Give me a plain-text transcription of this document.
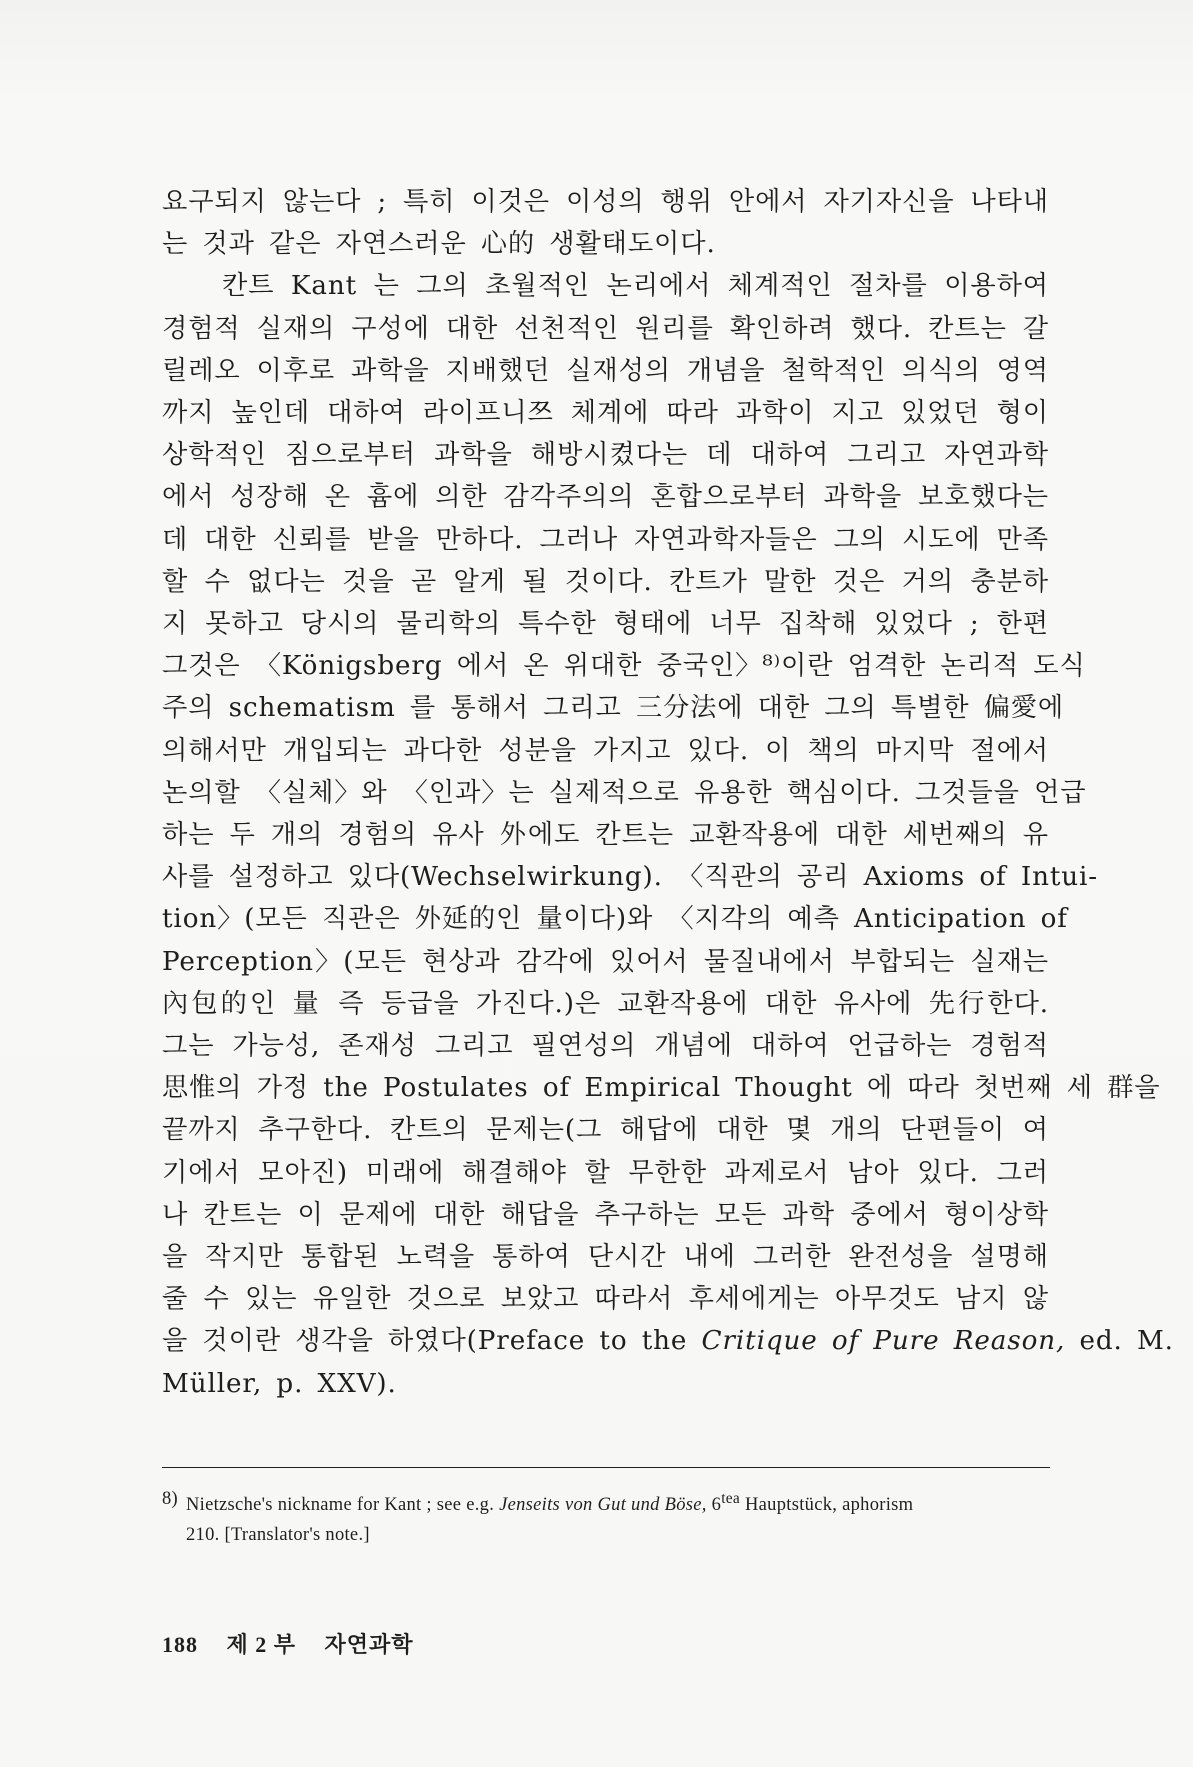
요구되지 않는다 ; 특히 이것은 이성의 행위 안에서 자기자신을 나타내
는 것과 같은 자연스러운 心的 생활태도이다.
칸트 Kant 는 그의 초월적인 논리에서 체계적인 절차를 이용하여
경험적 실재의 구성에 대한 선천적인 원리를 확인하려 했다. 칸트는 갈
릴레오 이후로 과학을 지배했던 실재성의 개념을 철학적인 의식의 영역
까지 높인데 대하여 라이프니쯔 체계에 따라 과학이 지고 있었던 형이
상학적인 짐으로부터 과학을 해방시켰다는 데 대하여 그리고 자연과학
에서 성장해 온 흄에 의한 감각주의의 혼합으로부터 과학을 보호했다는
데 대한 신뢰를 받을 만하다. 그러나 자연과학자들은 그의 시도에 만족
할 수 없다는 것을 곧 알게 될 것이다. 칸트가 말한 것은 거의 충분하
지 못하고 당시의 물리학의 특수한 형태에 너무 집착해 있었다 ; 한편
그것은 〈Königsberg 에서 온 위대한 중국인〉⁸⁾이란 엄격한 논리적 도식
주의 schematism 를 통해서 그리고 三分法에 대한 그의 특별한 偏愛에
의해서만 개입되는 과다한 성분을 가지고 있다. 이 책의 마지막 절에서
논의할 〈실체〉와 〈인과〉는 실제적으로 유용한 핵심이다. 그것들을 언급
하는 두 개의 경험의 유사 外에도 칸트는 교환작용에 대한 세번째의 유
사를 설정하고 있다(Wechselwirkung). 〈직관의 공리 Axioms of Intui-
tion〉(모든 직관은 外延的인 量이다)와 〈지각의 예측 Anticipation of
Perception〉(모든 현상과 감각에 있어서 물질내에서 부합되는 실재는
內包的인 量 즉 등급을 가진다.)은 교환작용에 대한 유사에 先行한다.
그는 가능성, 존재성 그리고 필연성의 개념에 대하여 언급하는 경험적
思惟의 가정 the Postulates of Empirical Thought 에 따라 첫번째 세 群을
끝까지 추구한다. 칸트의 문제는(그 해답에 대한 몇 개의 단편들이 여
기에서 모아진) 미래에 해결해야 할 무한한 과제로서 남아 있다. 그러
나 칸트는 이 문제에 대한 해답을 추구하는 모든 과학 중에서 형이상학
을 작지만 통합된 노력을 통하여 단시간 내에 그러한 완전성을 설명해
줄 수 있는 유일한 것으로 보았고 따라서 후세에게는 아무것도 남지 않
을 것이란 생각을 하였다(Preface to the Critique of Pure Reason, ed. M.
Müller, p. XXV).
8) Nietzsche's nickname for Kant ; see e.g. Jenseits von Gut und Böse, $6^{tea}$ Hauptstück, aphorism
210. [Translator's note.]
188 제 2 부 자연과학
